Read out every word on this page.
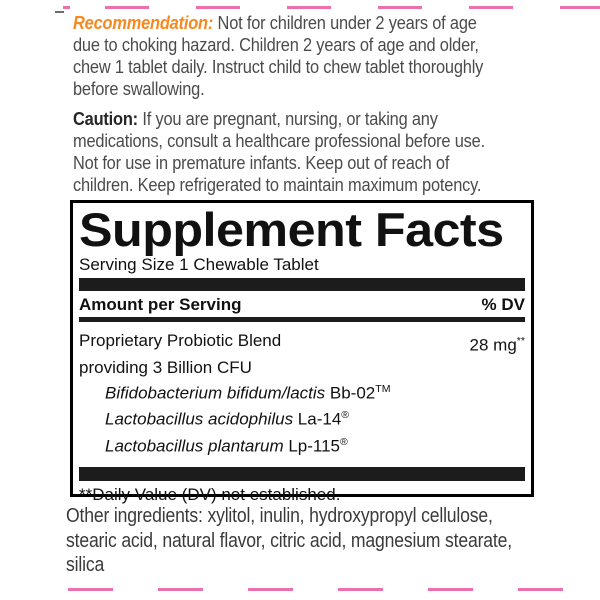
Recommendation: Not for children under 2 years of age
due to choking hazard. Children 2 years of age and older,
chew 1 tablet daily. Instruct child to chew tablet thoroughly
before swallowing.
Caution: If you are pregnant, nursing, or taking any
medications, consult a healthcare professional before use.
Not for use in premature infants. Keep out of reach of
children. Keep refrigerated to maintain maximum potency.
Supplement Facts
Serving Size 1 Chewable Tablet
Amount per Serving	% DV
Proprietary Probiotic Blend	28 mg**
providing 3 Billion CFU
Bifidobacterium bifidum/lactis Bb-02™
Lactobacillus acidophilus La-14®
Lactobacillus plantarum Lp-115®
**Daily Value (DV) not established.
Other ingredients: xylitol, inulin, hydroxypropyl cellulose,
stearic acid, natural flavor, citric acid, magnesium stearate,
silica
